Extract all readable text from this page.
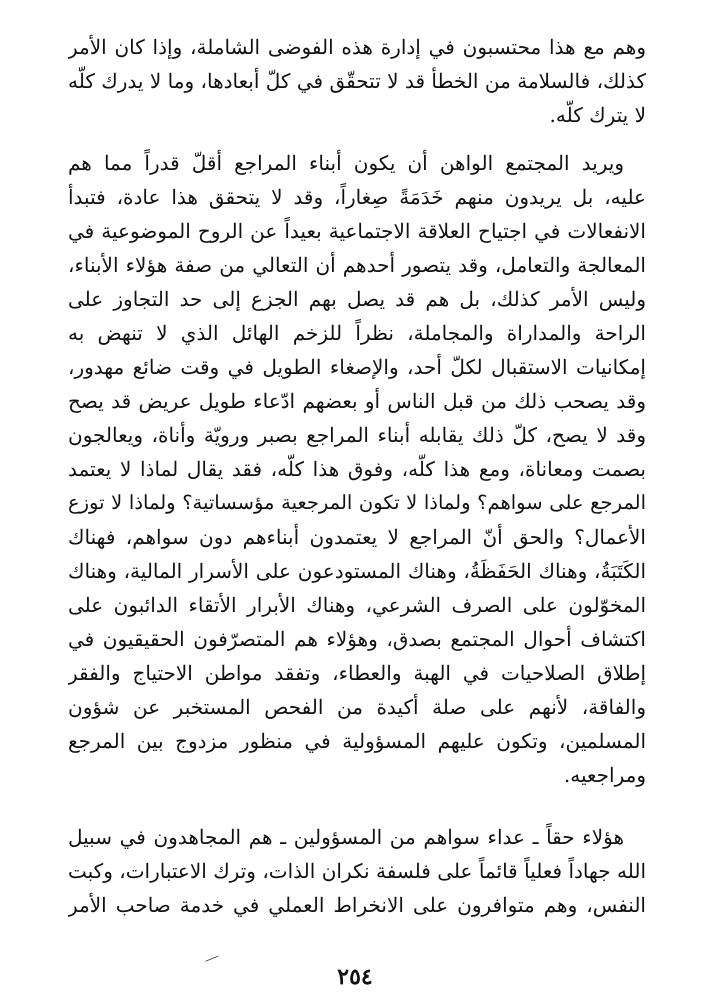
وهم مع هذا محتسبون في إدارة هذه الفوضى الشاملة، وإذا كان الأمر
كذلك، فالسلامة من الخطأ قد لا تتحقّق في كلّ أبعادها، وما لا يدرك كلّه
لا يترك كلّه.
ويريد المجتمع الواهن أن يكون أبناء المراجع أقلّ قدراً مما هم
عليه، بل يريدون منهم خَدَمَةً صِغاراً، وقد لا يتحقق هذا عادة، فتبدأ
الانفعالات في اجتياح العلاقة الاجتماعية بعيداً عن الروح الموضوعية في
المعالجة والتعامل، وقد يتصور أحدهم أن التعالي من صفة هؤلاء الأبناء،
وليس الأمر كذلك، بل هم قد يصل بهم الجزع إلى حد التجاوز على
الراحة والمداراة والمجاملة، نظراً للزخم الهائل الذي لا تنهض به
إمكانيات الاستقبال لكلّ أحد، والإصغاء الطويل في وقت ضائع مهدور،
وقد يصحب ذلك من قبل الناس أو بعضهم ادّعاء طويل عريض قد يصح
وقد لا يصح، كلّ ذلك يقابله أبناء المراجع بصبر ورويّة وأناة، ويعالجون
بصمت ومعاناة، ومع هذا كلّه، وفوق هذا كلّه، فقد يقال لماذا لا يعتمد
المرجع على سواهم؟ ولماذا لا تكون المرجعية مؤسساتية؟ ولماذا لا توزع
الأعمال؟ والحق أنّ المراجع لا يعتمدون أبناءهم دون سواهم، فهناك
الكَتَبَةُ، وهناك الحَفَظَةُ، وهناك المستودعون على الأسرار المالية، وهناك
المخوّلون على الصرف الشرعي، وهناك الأبرار الأتقاء الدائبون على
اكتشاف أحوال المجتمع بصدق، وهؤلاء هم المتصرّفون الحقيقيون في
إطلاق الصلاحيات في الهبة والعطاء، وتفقد مواطن الاحتياج والفقر
والفاقة، لأنهم على صلة أكيدة من الفحص المستخبر عن شؤون
المسلمين، وتكون عليهم المسؤولية في منظور مزدوج بين المرجع
ومراجعيه.
هؤلاء حقاً ـ عداء سواهم من المسؤولين ـ هم المجاهدون في سبيل
الله جهاداً فعلياً قائماً على فلسفة نكران الذات، وترك الاعتبارات، وكبت
النفس، وهم متوافرون على الانخراط العملي في خدمة صاحب الأمر
٢٥٤
